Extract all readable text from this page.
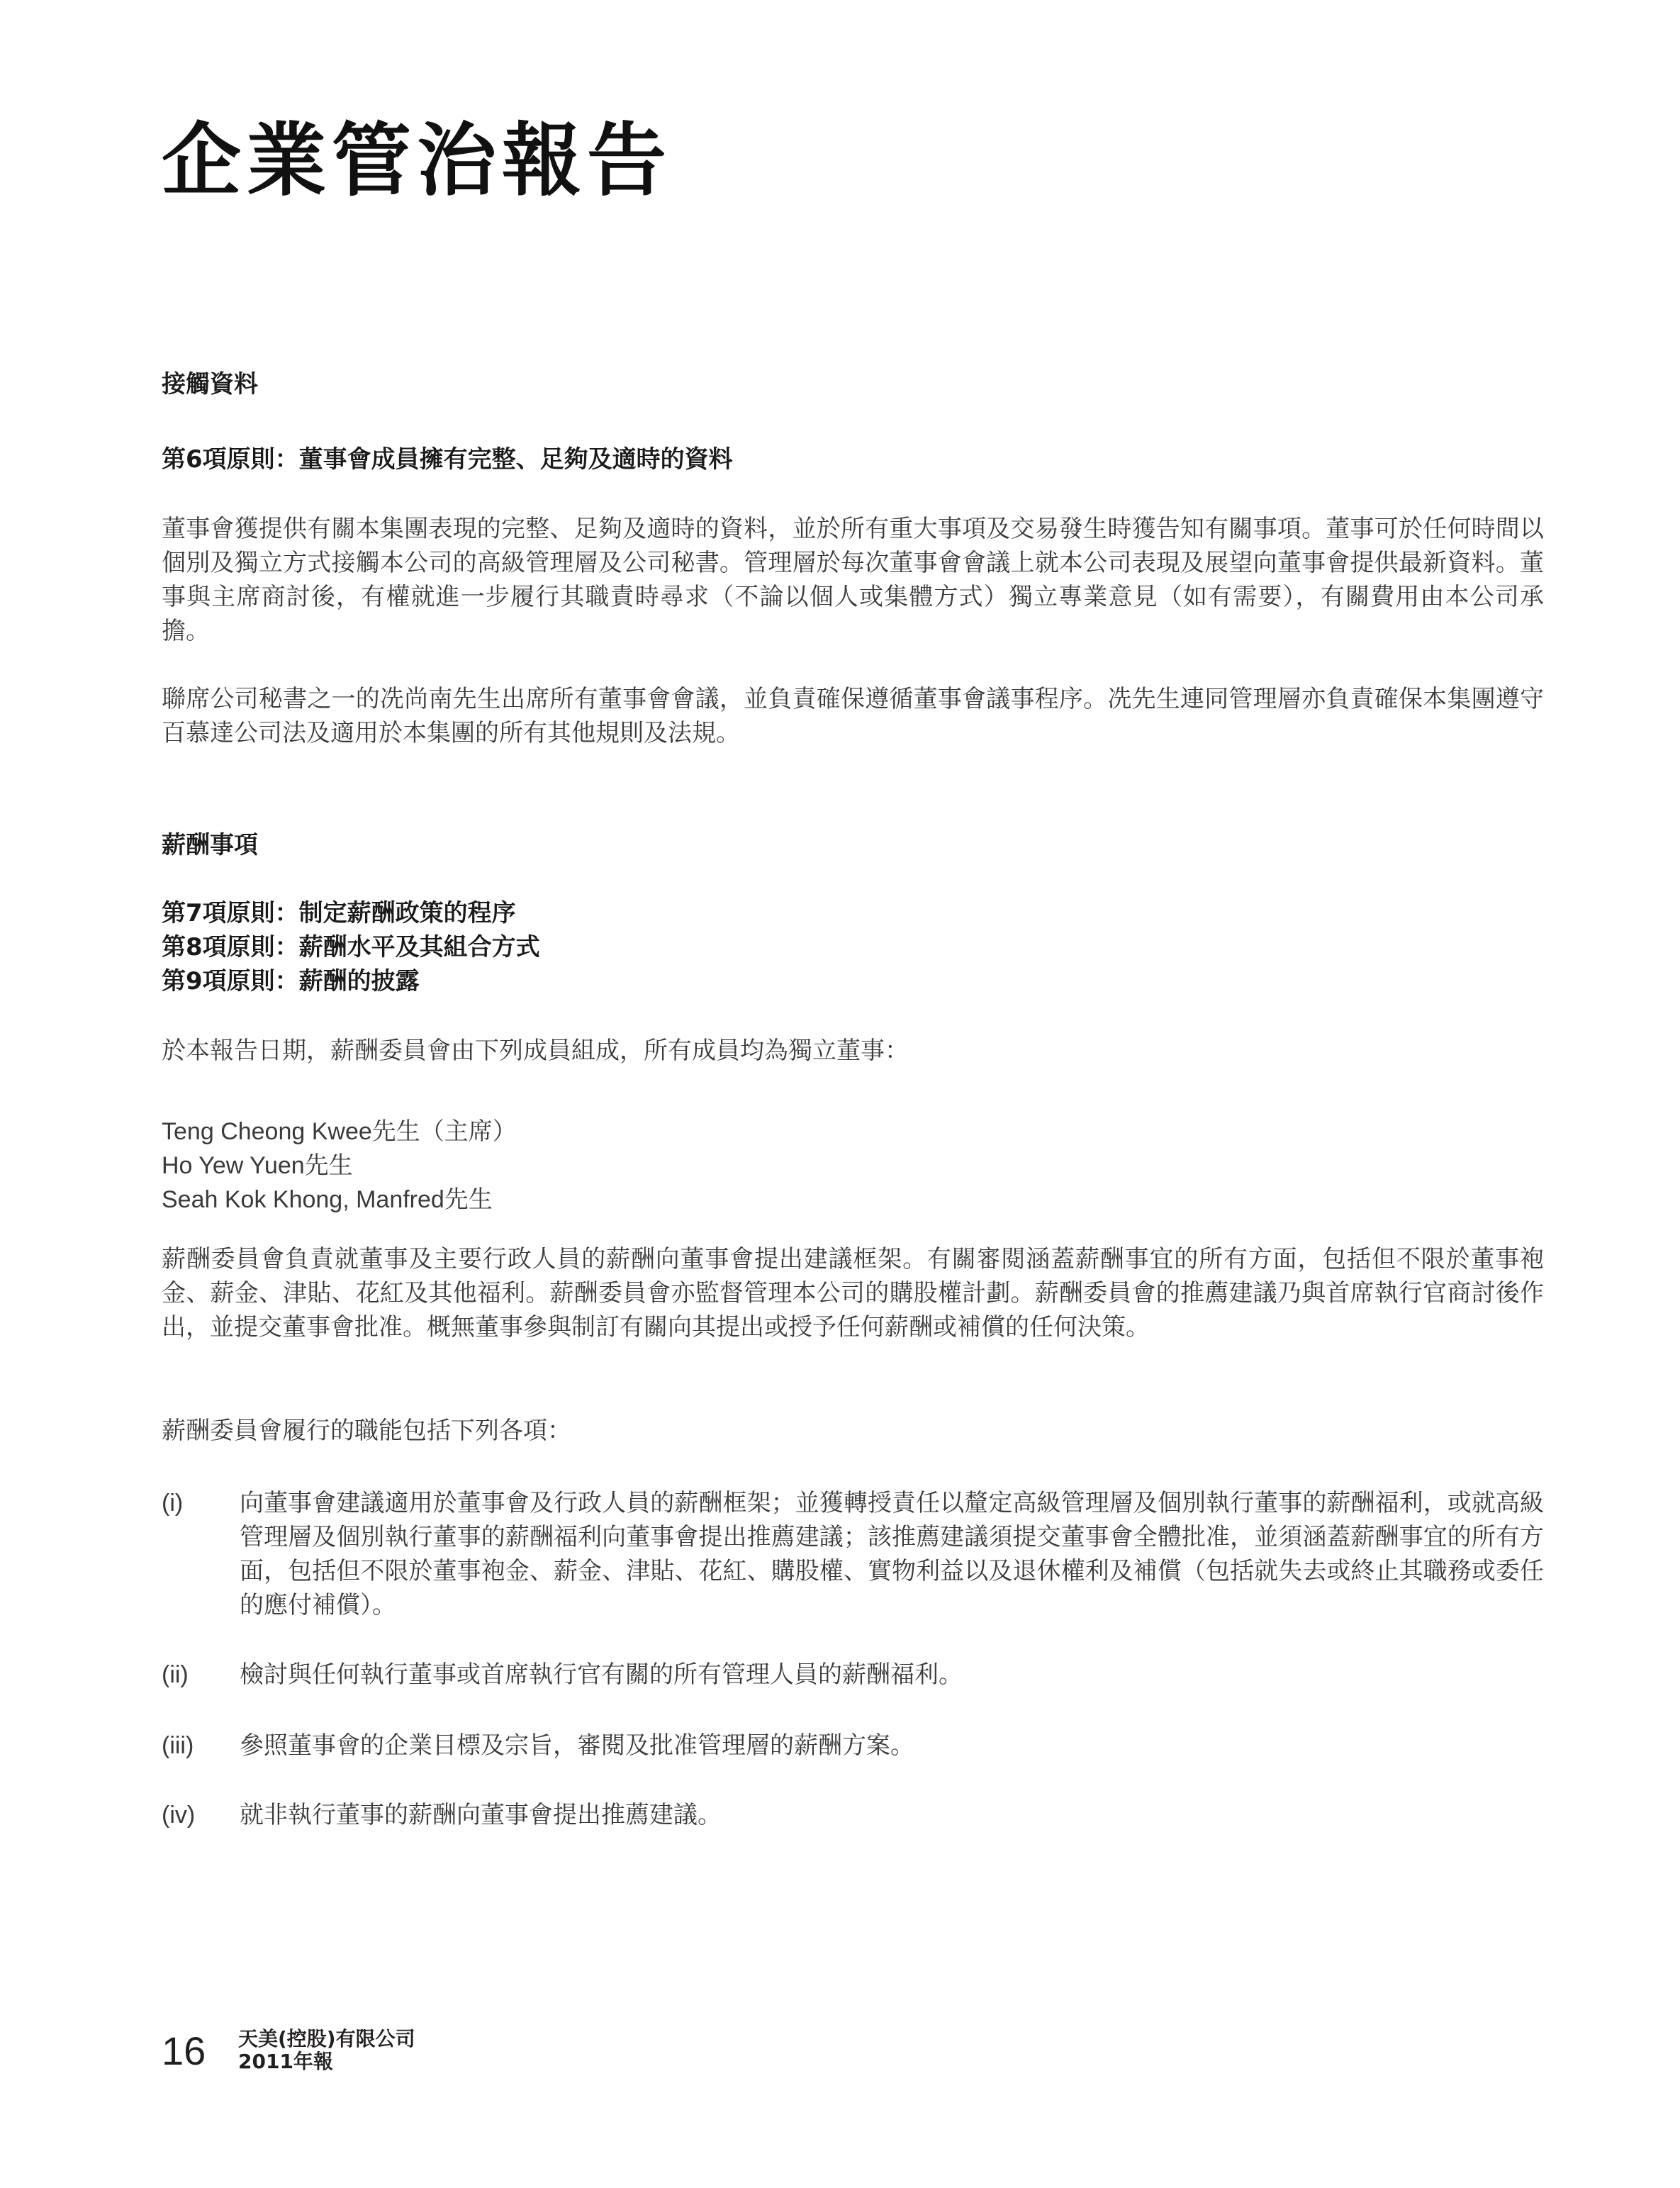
企業管治報告

接觸資料

第6項原則：董事會成員擁有完整、足夠及適時的資料

董事會獲提供有關本集團表現的完整、足夠及適時的資料，並於所有重大事項及交易發生時獲告知有關事項。董事可於任何時間以個別及獨立方式接觸本公司的高級管理層及公司秘書。管理層於每次董事會會議上就本公司表現及展望向董事會提供最新資料。董事與主席商討後，有權就進一步履行其職責時尋求（不論以個人或集體方式）獨立專業意見（如有需要），有關費用由本公司承擔。

聯席公司秘書之一的冼尚南先生出席所有董事會會議，並負責確保遵循董事會議事程序。冼先生連同管理層亦負責確保本集團遵守百慕達公司法及適用於本集團的所有其他規則及法規。

薪酬事項

第7項原則：制定薪酬政策的程序

第8項原則：薪酬水平及其組合方式

第9項原則：薪酬的披露

於本報告日期，薪酬委員會由下列成員組成，所有成員均為獨立董事：

Teng Cheong Kwee先生（主席）

Ho Yew Yuen先生

Seah Kok Khong, Manfred先生

薪酬委員會負責就董事及主要行政人員的薪酬向董事會提出建議框架。有關審閱涵蓋薪酬事宜的所有方面，包括但不限於董事袍金、薪金、津貼、花紅及其他福利。薪酬委員會亦監督管理本公司的購股權計劃。薪酬委員會的推薦建議乃與首席執行官商討後作出，並提交董事會批准。概無董事參與制訂有關向其提出或授予任何薪酬或補償的任何決策。

薪酬委員會履行的職能包括下列各項：

(i) 向董事會建議適用於董事會及行政人員的薪酬框架；並獲轉授責任以釐定高級管理層及個別執行董事的薪酬福利，或就高級管理層及個別執行董事的薪酬福利向董事會提出推薦建議；該推薦建議須提交董事會全體批准，並須涵蓋薪酬事宜的所有方面，包括但不限於董事袍金、薪金、津貼、花紅、購股權、實物利益以及退休權利及補償（包括就失去或終止其職務或委任的應付補償）。
(ii) 檢討與任何執行董事或首席執行官有關的所有管理人員的薪酬福利。
(iii) 參照董事會的企業目標及宗旨，審閱及批准管理層的薪酬方案。
(iv) 就非執行董事的薪酬向董事會提出推薦建議。
16 天美(控股)有限公司
2011年報
